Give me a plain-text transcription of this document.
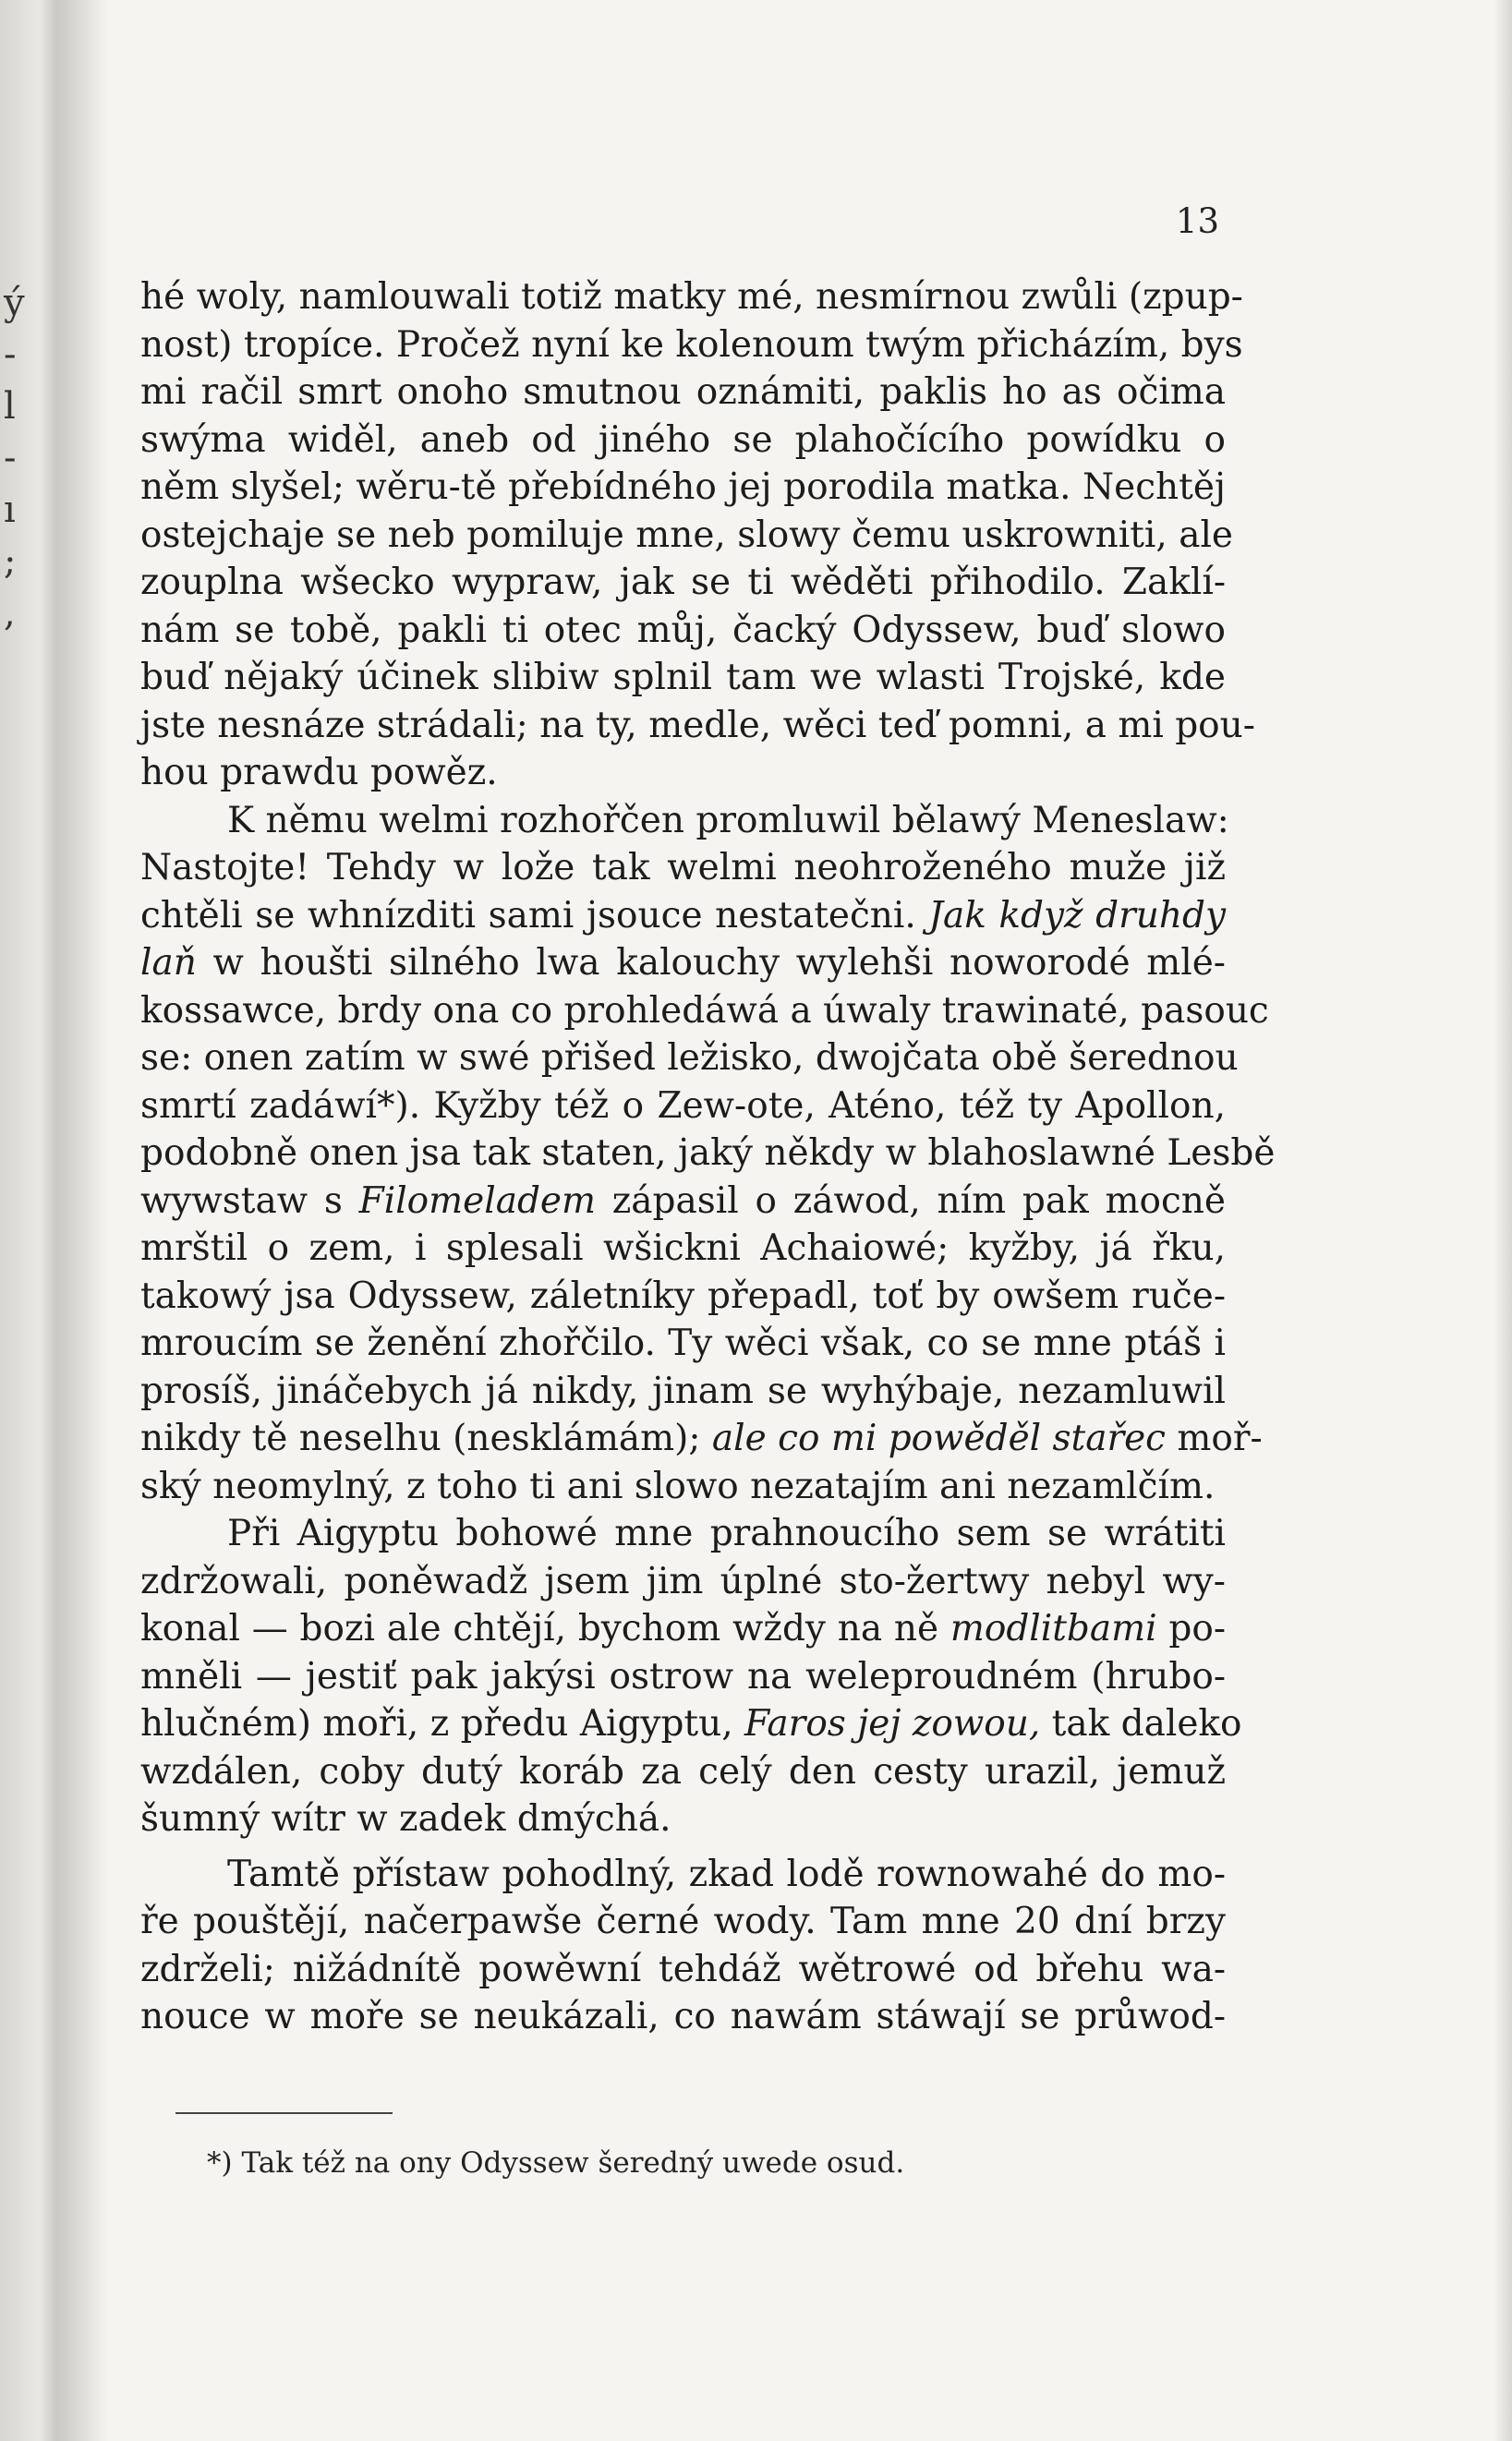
ý
-
l
-
ı
;
,
13

hé woly, namlouwali totiž matky mé, nesmírnou zwůli (zpup-
nost) tropíce. Pročež nyní ke kolenoum twým přicházím, bys
mi račil smrt onoho smutnou oznámiti, paklis ho as očima
swýma widěl, aneb od jiného se plahočícího powídku o
něm slyšel; wěru-tě přebídného jej porodila matka. Nechtěj
ostejchaje se neb pomiluje mne, slowy čemu uskrowniti, ale
zouplna wšecko wypraw, jak se ti wěděti přihodilo. Zaklí-
nám se tobě, pakli ti otec můj, čacký Odyssew, buď slowo
buď nějaký účinek slibiw splnil tam we wlasti Trojské, kde
jste nesnáze strádali; na ty, medle, wěci teď pomni, a mi pou-
hou prawdu powěz.

K němu welmi rozhořčen promluwil bělawý Meneslaw:
Nastojte! Tehdy w lože tak welmi neohroženého muže již
chtěli se whnízditi sami jsouce nestatečni. Jak když druhdy
laň w houšti silného lwa kalouchy wylehši noworodé mlé-
kossawce, brdy ona co prohledáwá a úwaly trawinaté, pasouc
se: onen zatím w swé přišed ležisko, dwojčata obě šerednou
smrtí zadáwí*). Kyžby též o Zew-ote, Aténo, též ty Apollon,
podobně onen jsa tak staten, jaký někdy w blahoslawné Lesbě
wywstaw s Filomeladem zápasil o záwod, ním pak mocně
mrštil o zem, i splesali wšickni Achaiowé; kyžby, já řku,
takowý jsa Odyssew, záletníky přepadl, toť by owšem ruče-
mroucím se ženění zhořčilo. Ty wěci však, co se mne ptáš i
prosíš, jináčebych já nikdy, jinam se wyhýbaje, nezamluwil
nikdy tě neselhu (nesklámám); ale co mi powěděl stařec moř-
ský neomylný, z toho ti ani slowo nezatajím ani nezamlčím.

Při Aigyptu bohowé mne prahnoucího sem se wrátiti
zdržowali, poněwadž jsem jim úplné sto-žertwy nebyl wy-
konal — bozi ale chtějí, bychom wždy na ně modlitbami po-
mněli — jestiť pak jakýsi ostrow na weleproudném (hrubo-
hlučném) moři, z předu Aigyptu, Faros jej zowou, tak daleko
wzdálen, coby dutý koráb za celý den cesty urazil, jemuž
šumný wítr w zadek dmýchá.

Tamtě přístaw pohodlný, zkad lodě rownowahé do mo-
ře pouštějí, načerpawše černé wody. Tam mne 20 dní brzy
zdrželi; nižádnítě powěwní tehdáž wětrowé od břehu wa-
nouce w moře se neukázali, co nawám stáwají se průwod-

*) Tak též na ony Odyssew šeredný uwede osud.
